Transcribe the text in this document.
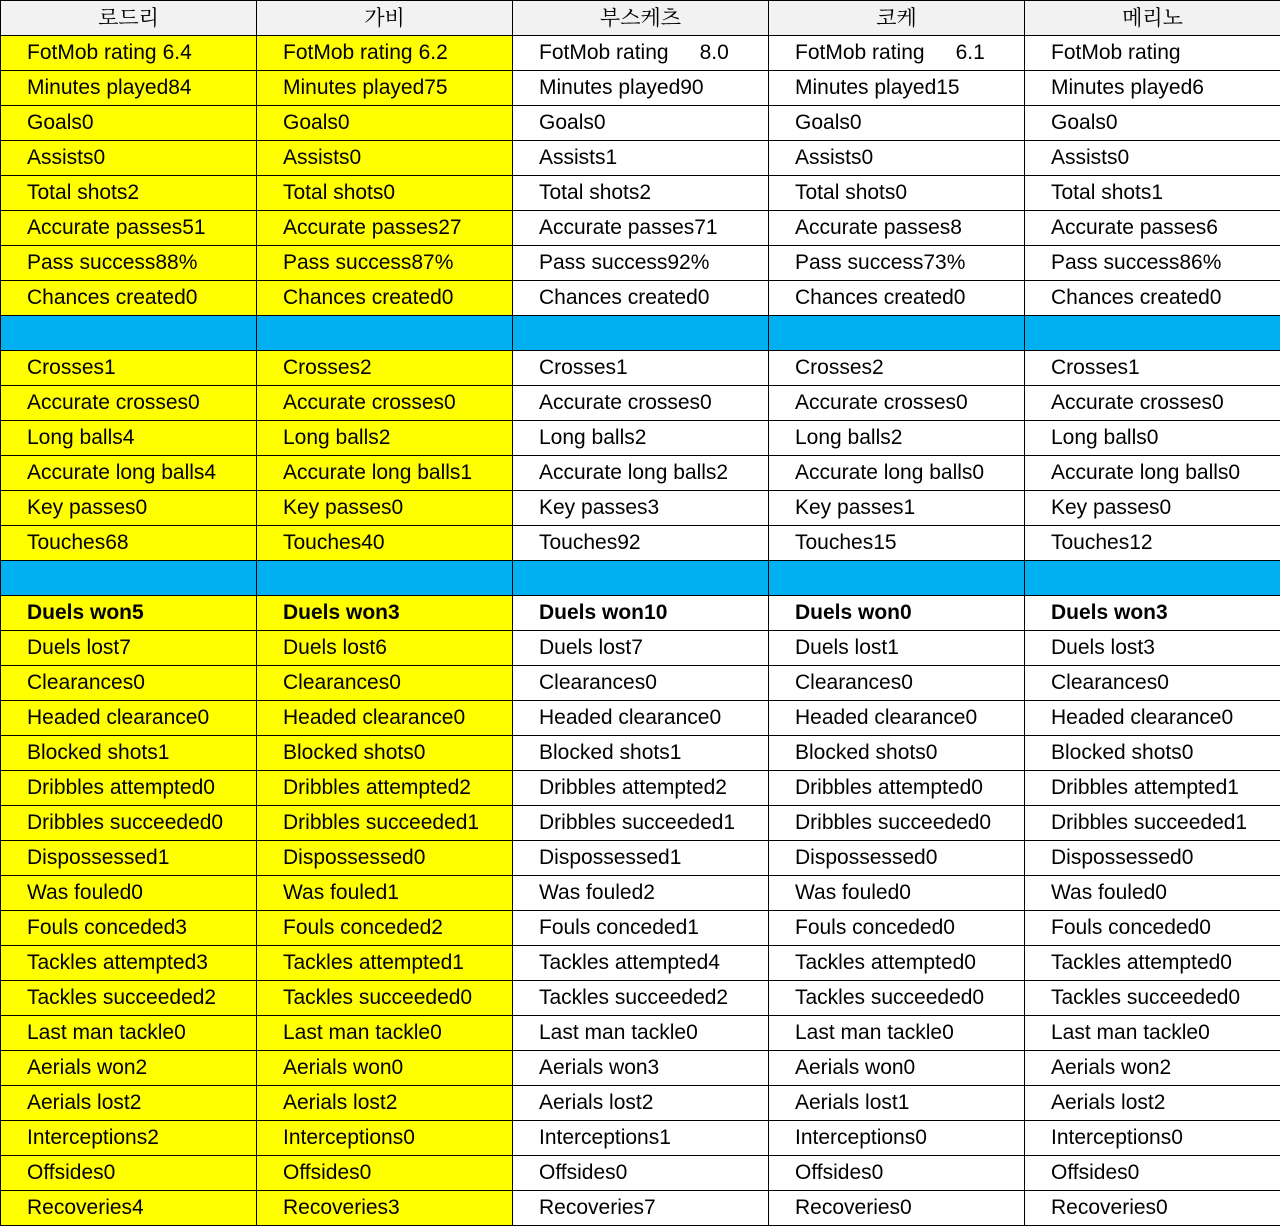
로드리	가비	부스케츠	코케	메리노
FotMob rating 6.4	FotMob rating 6.2	FotMob rating 8.0	FotMob rating 6.1	FotMob rating
Minutes played84	Minutes played75	Minutes played90	Minutes played15	Minutes played6
Goals0	Goals0	Goals0	Goals0	Goals0
Assists0	Assists0	Assists1	Assists0	Assists0
Total shots2	Total shots0	Total shots2	Total shots0	Total shots1
Accurate passes51	Accurate passes27	Accurate passes71	Accurate passes8	Accurate passes6
Pass success88%	Pass success87%	Pass success92%	Pass success73%	Pass success86%
Chances created0	Chances created0	Chances created0	Chances created0	Chances created0
Crosses1	Crosses2	Crosses1	Crosses2	Crosses1
Accurate crosses0	Accurate crosses0	Accurate crosses0	Accurate crosses0	Accurate crosses0
Long balls4	Long balls2	Long balls2	Long balls2	Long balls0
Accurate long balls4	Accurate long balls1	Accurate long balls2	Accurate long balls0	Accurate long balls0
Key passes0	Key passes0	Key passes3	Key passes1	Key passes0
Touches68	Touches40	Touches92	Touches15	Touches12
Duels won5	Duels won3	Duels won10	Duels won0	Duels won3
Duels lost7	Duels lost6	Duels lost7	Duels lost1	Duels lost3
Clearances0	Clearances0	Clearances0	Clearances0	Clearances0
Headed clearance0	Headed clearance0	Headed clearance0	Headed clearance0	Headed clearance0
Blocked shots1	Blocked shots0	Blocked shots1	Blocked shots0	Blocked shots0
Dribbles attempted0	Dribbles attempted2	Dribbles attempted2	Dribbles attempted0	Dribbles attempted1
Dribbles succeeded0	Dribbles succeeded1	Dribbles succeeded1	Dribbles succeeded0	Dribbles succeeded1
Dispossessed1	Dispossessed0	Dispossessed1	Dispossessed0	Dispossessed0
Was fouled0	Was fouled1	Was fouled2	Was fouled0	Was fouled0
Fouls conceded3	Fouls conceded2	Fouls conceded1	Fouls conceded0	Fouls conceded0
Tackles attempted3	Tackles attempted1	Tackles attempted4	Tackles attempted0	Tackles attempted0
Tackles succeeded2	Tackles succeeded0	Tackles succeeded2	Tackles succeeded0	Tackles succeeded0
Last man tackle0	Last man tackle0	Last man tackle0	Last man tackle0	Last man tackle0
Aerials won2	Aerials won0	Aerials won3	Aerials won0	Aerials won2
Aerials lost2	Aerials lost2	Aerials lost2	Aerials lost1	Aerials lost2
Interceptions2	Interceptions0	Interceptions1	Interceptions0	Interceptions0
Offsides0	Offsides0	Offsides0	Offsides0	Offsides0
Recoveries4	Recoveries3	Recoveries7	Recoveries0	Recoveries0
